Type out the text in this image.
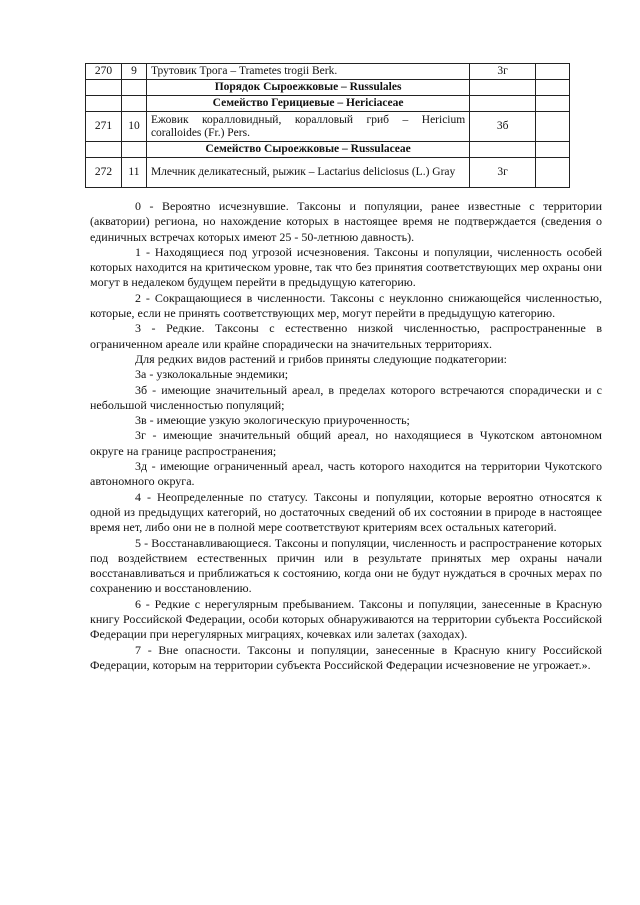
270	9	Трутовик Трога – Trametes trogii Berk.	3г	
		Порядок Сыроежковые – Russulales		
		Семейство Герициевые – Hericiaceae		
271	10	Ежовик коралловидный, коралловый гриб – Hericium coralloides (Fr.) Pers.	3б	
		Семейство Сыроежковые – Russulaceae		
272	11	Млечник деликатесный, рыжик – Lactarius deliciosus (L.) Gray	3г	

0 - Вероятно исчезнувшие. Таксоны и популяции, ранее известные с территории (акватории) региона, но нахождение которых в настоящее время не подтверждается (сведения о единичных встречах которых имеют 25 - 50-летнюю давность).

1 - Находящиеся под угрозой исчезновения. Таксоны и популяции, численность особей которых находится на критическом уровне, так что без принятия соответствующих мер охраны они могут в недалеком будущем перейти в предыдущую категорию.

2 - Сокращающиеся в численности. Таксоны с неуклонно снижающейся численностью, которые, если не принять соответствующих мер, могут перейти в предыдущую категорию.

3 - Редкие. Таксоны с естественно низкой численностью, распространенные в ограниченном ареале или крайне спорадически на значительных территориях.

Для редких видов растений и грибов приняты следующие подкатегории:

3а - узколокальные эндемики;

3б - имеющие значительный ареал, в пределах которого встречаются спорадически и с небольшой численностью популяций;

3в - имеющие узкую экологическую приуроченность;

3г - имеющие значительный общий ареал, но находящиеся в Чукотском автономном округе на границе распространения;

3д - имеющие ограниченный ареал, часть которого находится на территории Чукотского автономного округа.

4 - Неопределенные по статусу. Таксоны и популяции, которые вероятно относятся к одной из предыдущих категорий, но достаточных сведений об их состоянии в природе в настоящее время нет, либо они не в полной мере соответствуют критериям всех остальных категорий.

5 - Восстанавливающиеся. Таксоны и популяции, численность и распространение которых под воздействием естественных причин или в результате принятых мер охраны начали восстанавливаться и приближаться к состоянию, когда они не будут нуждаться в срочных мерах по сохранению и восстановлению.

6 - Редкие с нерегулярным пребыванием. Таксоны и популяции, занесенные в Красную книгу Российской Федерации, особи которых обнаруживаются на территории субъекта Российской Федерации при нерегулярных миграциях, кочевках или залетах (заходах).

7 - Вне опасности. Таксоны и популяции, занесенные в Красную книгу Российской Федерации, которым на территории субъекта Российской Федерации исчезновение не угрожает.».
